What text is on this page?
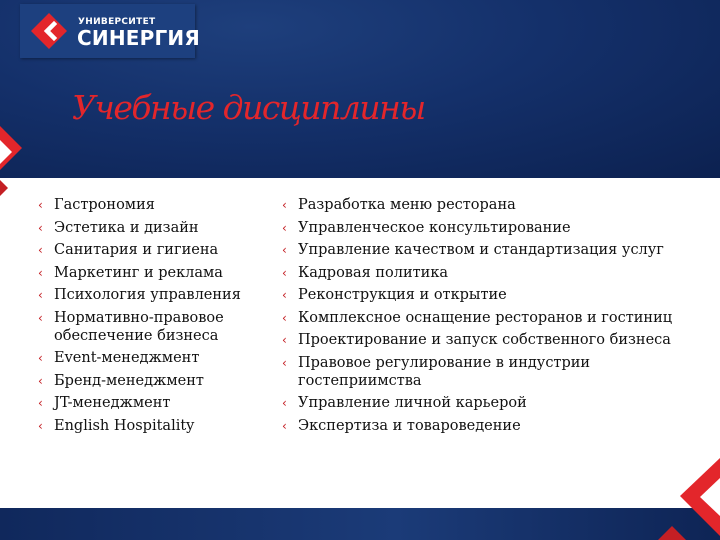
УНИВЕРСИТЕТ
СИНЕРГИЯ
Учебные дисциплины
‹ Гастрономия
‹ Эстетика и дизайн
‹ Санитария и гигиена
‹ Маркетинг и реклама
‹ Психология управления
‹ Нормативно-правовое обеспечение бизнеса
‹ Event-менеджмент
‹ Бренд-менеджмент
‹ JT-менеджмент
‹ English Hospitality
‹ Разработка меню ресторана
‹ Управленческое консультирование
‹ Управление качеством и стандартизация услуг
‹ Кадровая политика
‹ Реконструкция и открытие
‹ Комплексное оснащение ресторанов и гостиниц
‹ Проектирование и запуск собственного бизнеса
‹ Правовое регулирование в индустрии гостеприимства
‹ Управление личной карьерой
‹ Экспертиза и товароведение
